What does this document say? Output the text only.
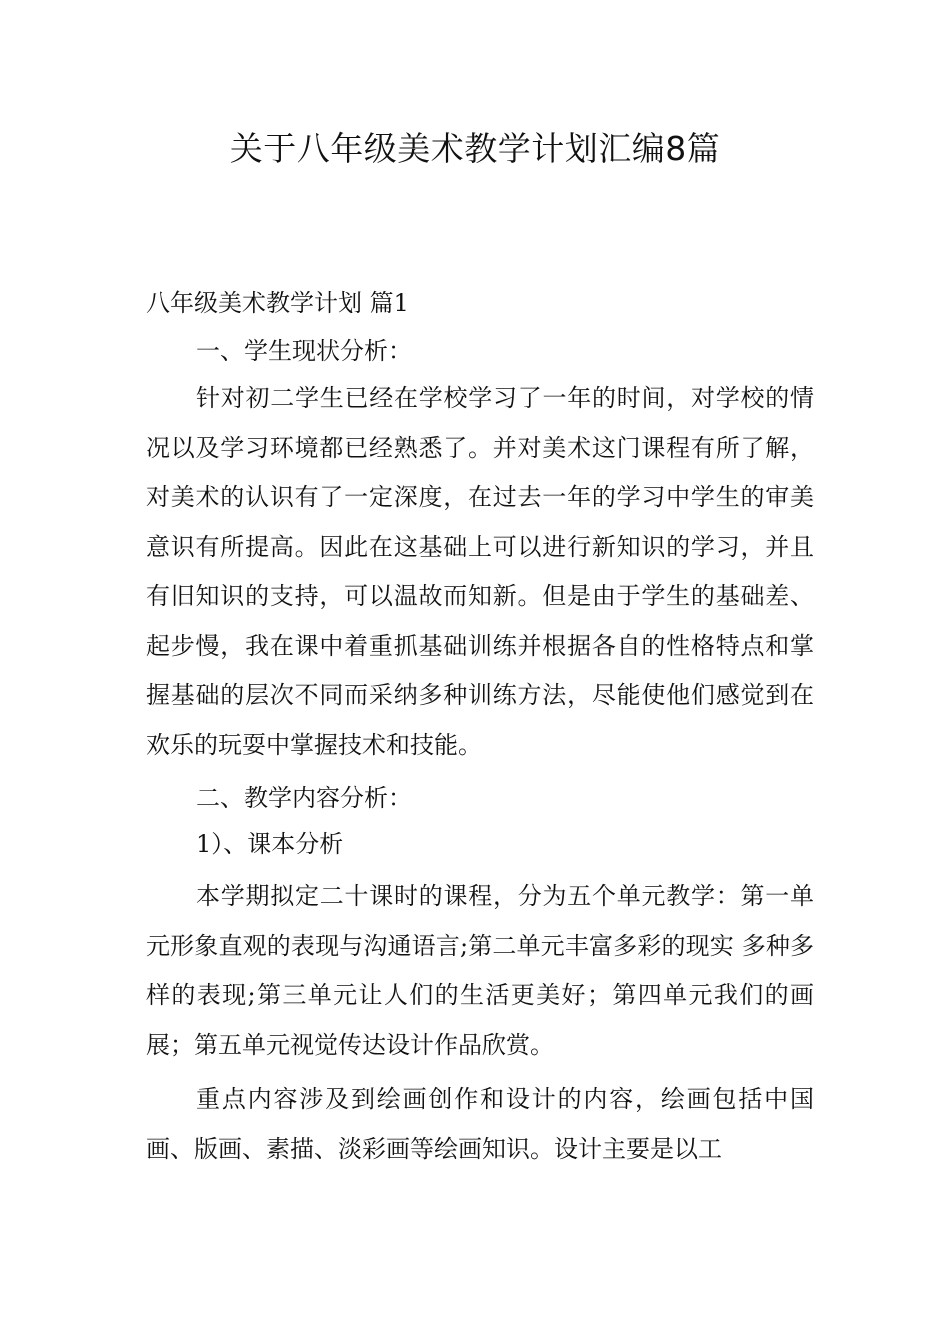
关于八年级美术教学计划汇编8篇
八年级美术教学计划 篇1
一、学生现状分析：

针对初二学生已经在学校学习了一年的时间，对学校的情况以及学习环境都已经熟悉了。并对美术这门课程有所了解，对美术的认识有了一定深度，在过去一年的学习中学生的审美意识有所提高。因此在这基础上可以进行新知识的学习，并且有旧知识的支持，可以温故而知新。但是由于学生的基础差、起步慢，我在课中着重抓基础训练并根据各自的性格特点和掌握基础的层次不同而采纳多种训练方法，尽能使他们感觉到在欢乐的玩耍中掌握技术和技能。

二、教学内容分析：
1）、课本分析

本学期拟定二十课时的课程，分为五个单元教学：第一单元形象直观的表现与沟通语言;第二单元丰富多彩的现实 多种多样的表现;第三单元让人们的生活更美好；第四单元我们的画展；第五单元视觉传达设计作品欣赏。

重点内容涉及到绘画创作和设计的内容，绘画包括中国画、版画、素描、淡彩画等绘画知识。设计主要是以工
